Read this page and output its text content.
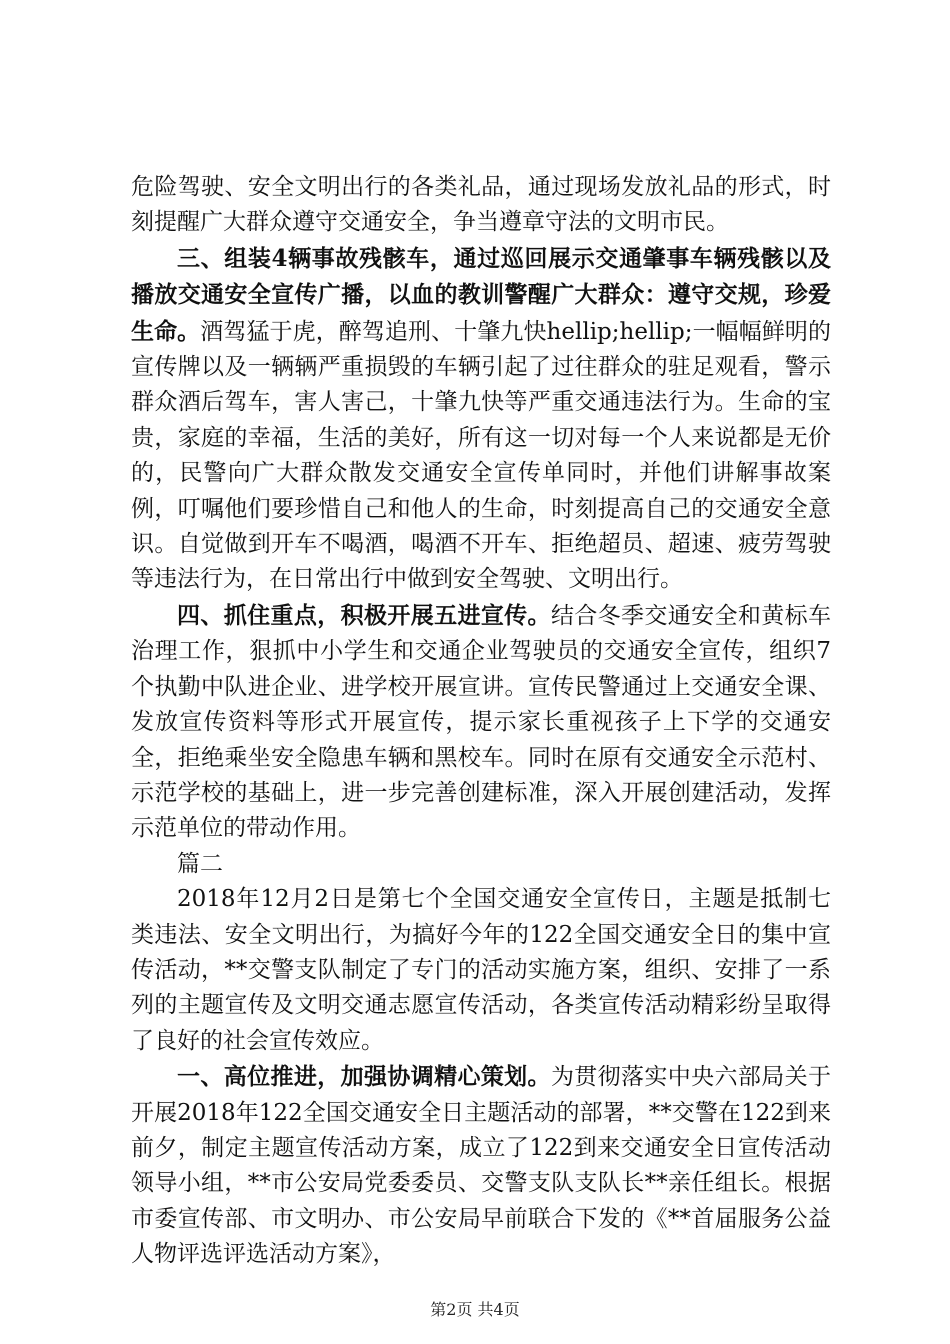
危险驾驶、安全文明出行的各类礼品，通过现场发放礼品的形式，时刻提醒广大群众遵守交通安全，争当遵章守法的文明市民。

三、组装4辆事故残骸车，通过巡回展示交通肇事车辆残骸以及播放交通安全宣传广播，以血的教训警醒广大群众：遵守交规，珍爱生命。酒驾猛于虎，醉驾追刑、十肇九快hellip;hellip;一幅幅鲜明的宣传牌以及一辆辆严重损毁的车辆引起了过往群众的驻足观看，警示群众酒后驾车，害人害己，十肇九快等严重交通违法行为。生命的宝贵，家庭的幸福，生活的美好，所有这一切对每一个人来说都是无价的，民警向广大群众散发交通安全宣传单同时，并他们讲解事故案例，叮嘱他们要珍惜自己和他人的生命，时刻提高自己的交通安全意识。自觉做到开车不喝酒，喝酒不开车、拒绝超员、超速、疲劳驾驶等违法行为，在日常出行中做到安全驾驶、文明出行。

四、抓住重点，积极开展五进宣传。结合冬季交通安全和黄标车治理工作，狠抓中小学生和交通企业驾驶员的交通安全宣传，组织7个执勤中队进企业、进学校开展宣讲。宣传民警通过上交通安全课、发放宣传资料等形式开展宣传，提示家长重视孩子上下学的交通安全，拒绝乘坐安全隐患车辆和黑校车。同时在原有交通安全示范村、示范学校的基础上，进一步完善创建标准，深入开展创建活动，发挥示范单位的带动作用。

篇二

2018年12月2日是第七个全国交通安全宣传日，主题是抵制七类违法、安全文明出行，为搞好今年的122全国交通安全日的集中宣传活动，**交警支队制定了专门的活动实施方案，组织、安排了一系列的主题宣传及文明交通志愿宣传活动，各类宣传活动精彩纷呈取得了良好的社会宣传效应。

一、高位推进，加强协调精心策划。为贯彻落实中央六部局关于开展2018年122全国交通安全日主题活动的部署，**交警在122到来前夕，制定主题宣传活动方案，成立了122到来交通安全日宣传活动领导小组，**市公安局党委委员、交警支队支队长**亲任组长。根据市委宣传部、市文明办、市公安局早前联合下发的《**首届服务公益人物评选评选活动方案》，

第2页 共4页
